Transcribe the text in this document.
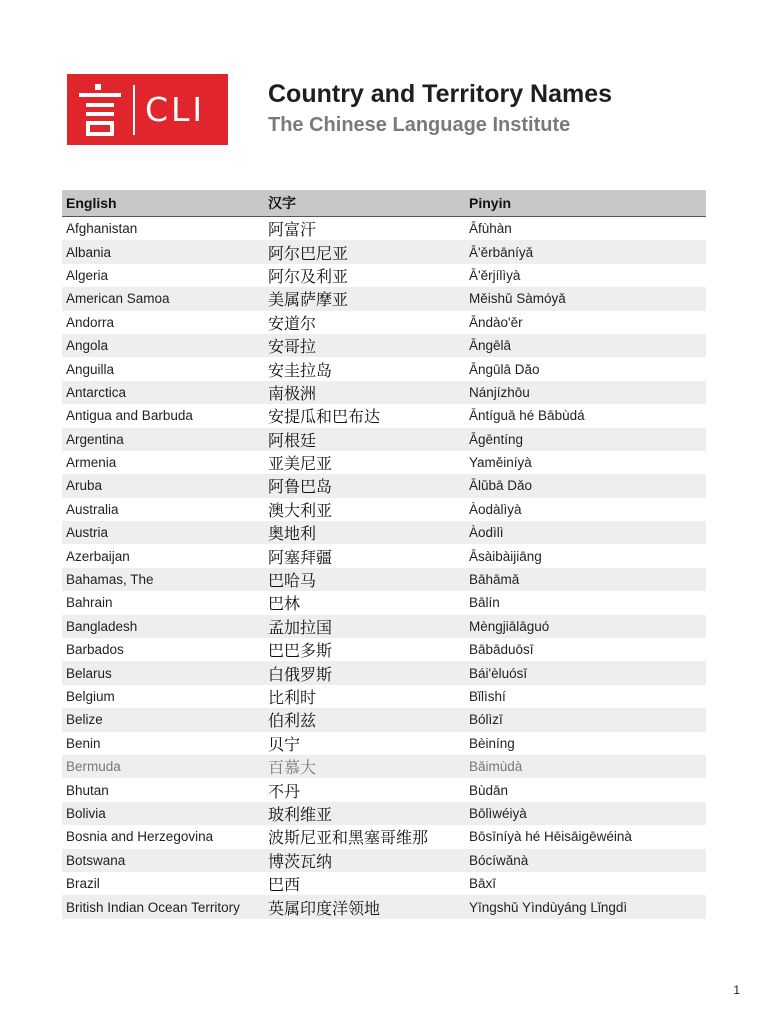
CLI	Country and Territory Names
The Chinese Language Institute
English	汉字	Pinyin
Afghanistan	阿富汗	Āfùhàn
Albania	阿尔巴尼亚	Ā'ěrbāníyǎ
Algeria	阿尔及利亚	Ā'ěrjílìyà
American Samoa	美属萨摩亚	Měishǔ Sàmóyǎ
Andorra	安道尔	Āndào'ěr
Angola	安哥拉	Āngēlā
Anguilla	安圭拉岛	Āngūlā Dǎo
Antarctica	南极洲	Nánjízhōu
Antigua and Barbuda	安提瓜和巴布达	Āntíguā hé Bābùdá
Argentina	阿根廷	Āgēntíng
Armenia	亚美尼亚	Yaměiníyà
Aruba	阿鲁巴岛	Ālǔbā Dǎo
Australia	澳大利亚	Àodàlìyà
Austria	奥地利	Àodìlì
Azerbaijan	阿塞拜疆	Āsàibàijiāng
Bahamas, The	巴哈马	Bāhāmǎ
Bahrain	巴林	Bālín
Bangladesh	孟加拉国	Mèngjiālāguó
Barbados	巴巴多斯	Bābāduōsī
Belarus	白俄罗斯	Bái'èluósī
Belgium	比利时	Bǐlìshí
Belize	伯利兹	Bólìzī
Benin	贝宁	Bèiníng
Bermuda	百慕大	Bǎimùdà
Bhutan	不丹	Bùdān
Bolivia	玻利维亚	Bōlìwéiyà
Bosnia and Herzegovina	波斯尼亚和黑塞哥维那	Bōsīníyà hé Hēisāigēwéinà
Botswana	博茨瓦纳	Bócíwǎnà
Brazil	巴西	Bāxī
British Indian Ocean Territory	英属印度洋领地	Yīngshǔ Yìndùyáng Lǐngdì
1
